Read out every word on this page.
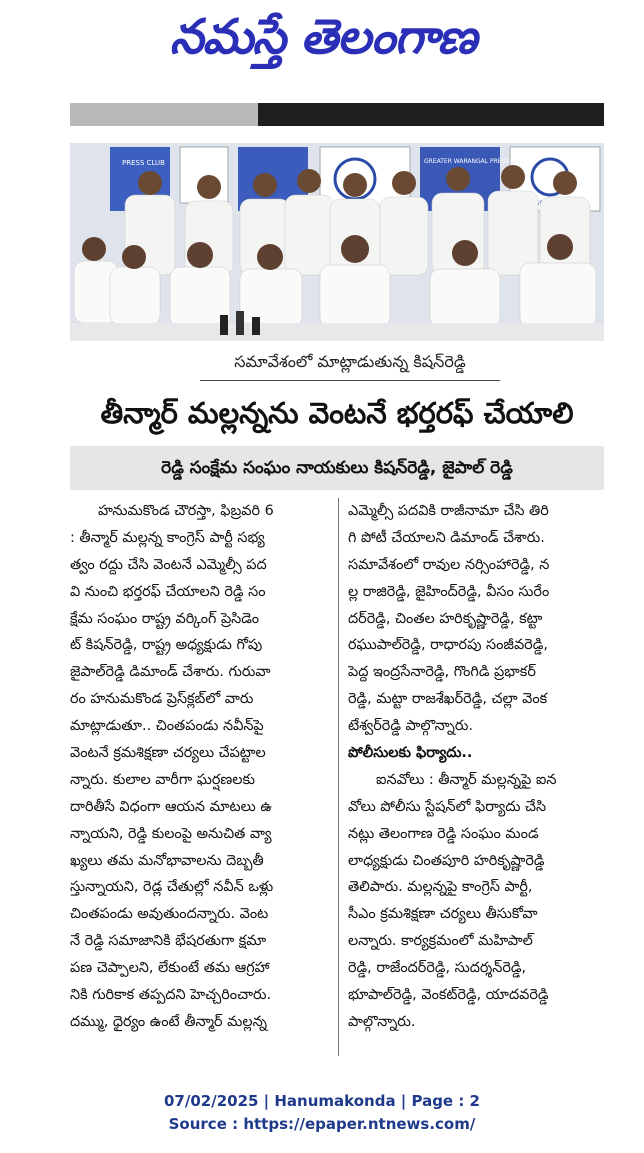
నమస్తే తెలంగాణ
PRESS CLUB	GREATER WARANGAL PRESS CLUB
సమావేశంలో మాట్లాడుతున్న కిషన్‌రెడ్డి
తీన్మార్ మల్లన్నను వెంటనే భర్తరఫ్ చేయాలి
రెడ్డి సంక్షేమ సంఘం నాయకులు కిషన్‌రెడ్డి, జైపాల్ రెడ్డి
హనుమకొండ చౌరస్తా, ఫిబ్రవరి 6
: తీన్మార్ మల్లన్న కాంగ్రెస్ పార్టీ సభ్య
త్వం రద్దు చేసి వెంటనే ఎమ్మెల్సీ పద
వి నుంచి భర్తరఫ్ చేయాలని రెడ్డి సం
క్షేమ సంఘం రాష్ట్ర వర్కింగ్ ప్రెసిడెం
ట్ కిషన్‌రెడ్డి, రాష్ట్ర అధ్యక్షుడు గోపు
జైపాల్‌రెడ్డి డిమాండ్ చేశారు. గురువా
రం హనుమకొండ ప్రెస్‌క్లబ్‌లో వారు
మాట్లాడుతూ.. చింతపండు నవీన్‌పై
వెంటనే క్రమశిక్షణా చర్యలు చేపట్టాల
న్నారు. కులాల వారీగా ఘర్షణలకు
దారితీసే విధంగా ఆయన మాటలు ఉ
న్నాయని, రెడ్డి కులంపై అనుచిత వ్యా
ఖ్యలు తమ మనోభావాలను దెబ్బతీ
స్తున్నాయని, రెడ్ల చేతుల్లో నవీన్ ఒళ్లు
చింతపండు అవుతుందన్నారు. వెంట
నే రెడ్డి సమాజానికి భేషరతుగా క్షమా
పణ చెప్పాలని, లేకుంటే తమ ఆగ్రహా
నికి గురికాక తప్పదని హెచ్చరించారు.
దమ్ము, ధైర్యం ఉంటే తీన్మార్ మల్లన్న
ఎమ్మెల్సీ పదవికి రాజీనామా చేసి తిరి
గి పోటీ చేయాలని డిమాండ్ చేశారు.
సమావేశంలో రావుల నర్సింహారెడ్డి, న
ల్ల రాజిరెడ్డి, జైహింద్‌రెడ్డి, వీసం సురేం
దర్‌రెడ్డి, చింతల హరికృష్ణారెడ్డి, కట్టా
రఘుపాల్‌రెడ్డి, రాధారపు సంజీవరెడ్డి,
పెద్ద ఇంద్రసేనారెడ్డి, గొంగిడి ప్రభాకర్
రెడ్డి, మట్టా రాజశేఖర్‌రెడ్డి, చల్లా వెంక
టేశ్వర్‌రెడ్డి పాల్గొన్నారు.
పోలీసులకు ఫిర్యాదు..
ఐనవోలు : తీన్మార్ మల్లన్నపై ఐన
వోలు పోలీసు స్టేషన్‌లో ఫిర్యాదు చేసి
నట్లు తెలంగాణ రెడ్డి సంఘం మండ
లాధ్యక్షుడు చింతపూరి హరికృష్ణారెడ్డి
తెలిపారు. మల్లన్నపై కాంగ్రెస్ పార్టీ,
సీఎం క్రమశిక్షణా చర్యలు తీసుకోవా
లన్నారు. కార్యక్రమంలో మహిపాల్
రెడ్డి, రాజేందర్‌రెడ్డి, సుదర్శన్‌రెడ్డి,
భూపాల్‌రెడ్డి, వెంకట్‌రెడ్డి, యాదవరెడ్డి
పాల్గొన్నారు.
07/02/2025 | Hanumakonda | Page : 2
Source : https://epaper.ntnews.com/
